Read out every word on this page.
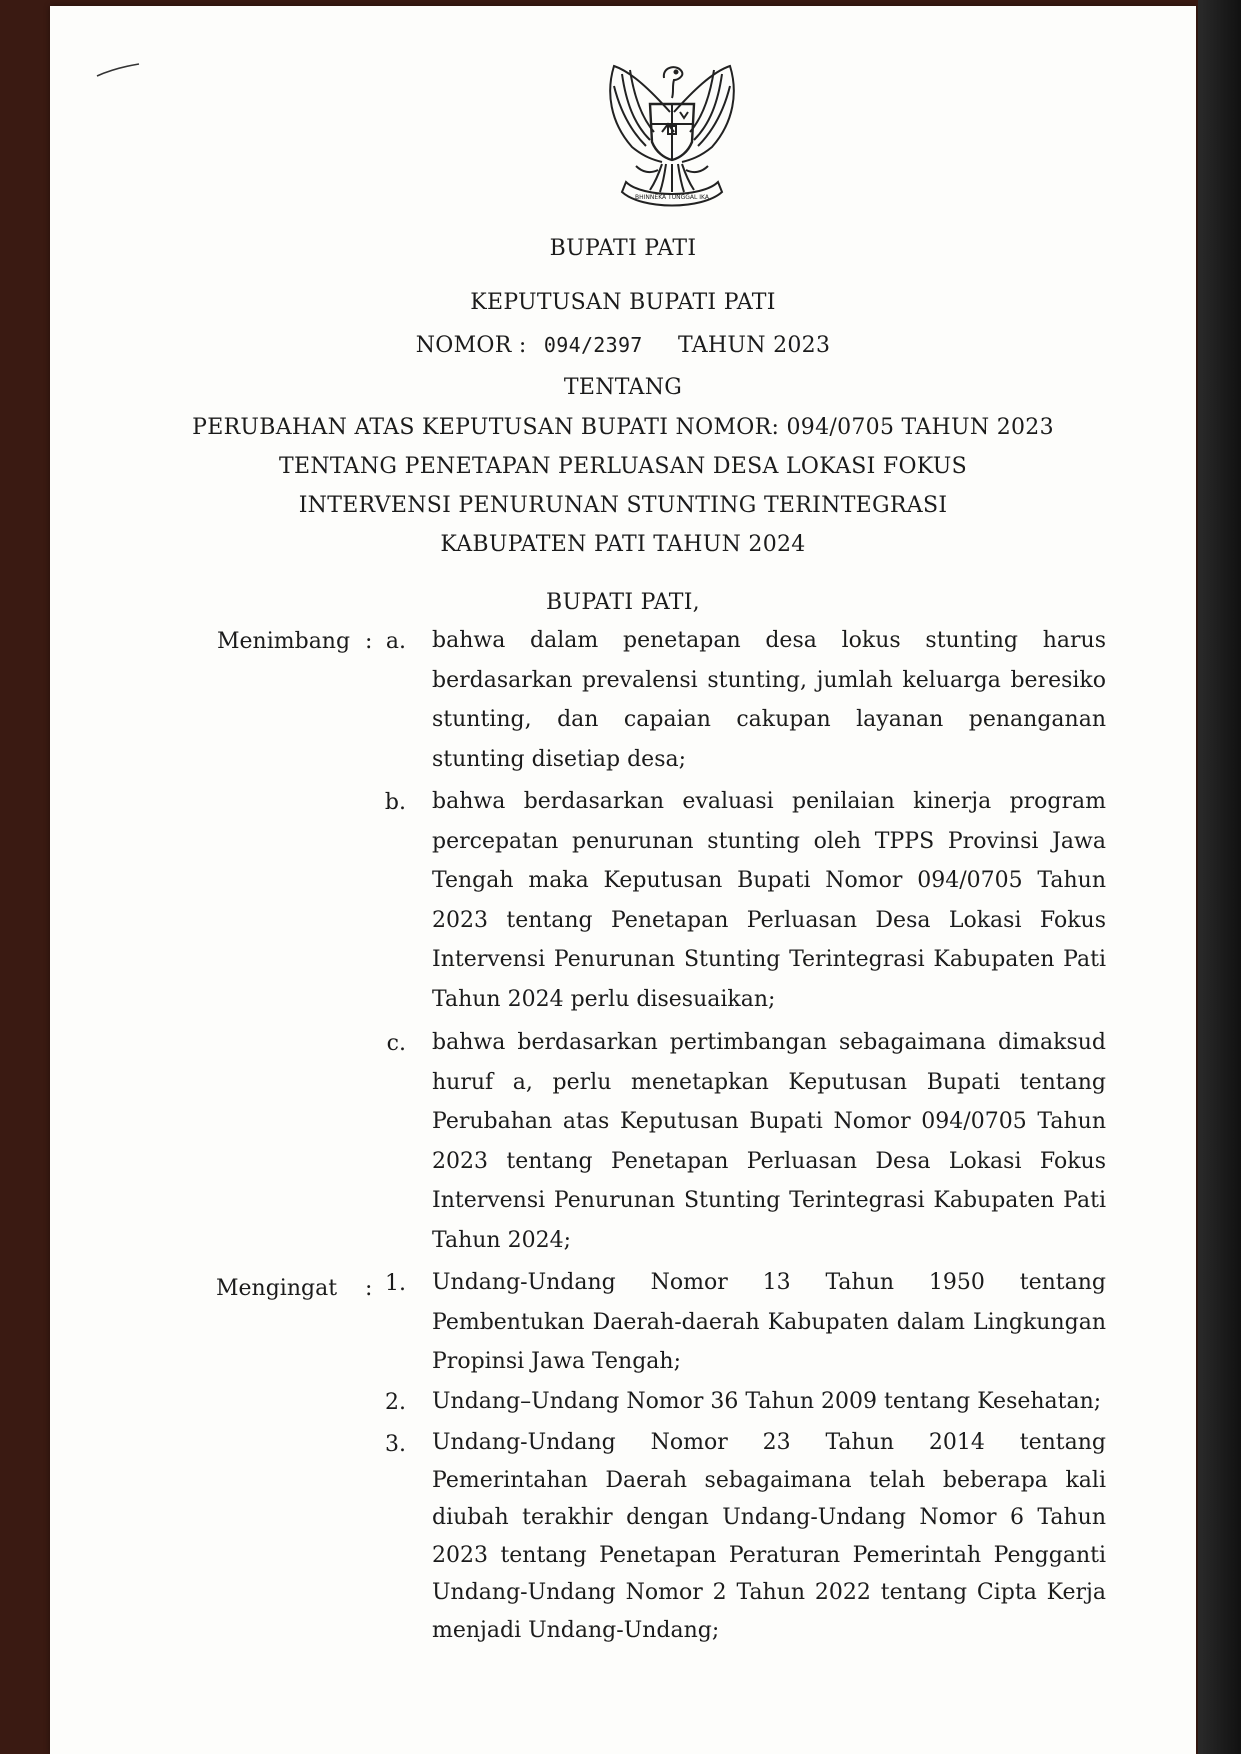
BHINNEKA TUNGGAL IKA
BUPATI PATI
KEPUTUSAN BUPATI PATI
NOMOR : 094/2397 TAHUN 2023
TENTANG
PERUBAHAN ATAS KEPUTUSAN BUPATI NOMOR: 094/0705 TAHUN 2023
TENTANG PENETAPAN PERLUASAN DESA LOKASI FOKUS
INTERVENSI PENURUNAN STUNTING TERINTEGRASI
KABUPATEN PATI TAHUN 2024
BUPATI PATI,
Menimbang : a. bahwa dalam penetapan desa lokus stunting harus
berdasarkan prevalensi stunting, jumlah keluarga beresiko
stunting, dan capaian cakupan layanan penanganan
stunting disetiap desa;
b. bahwa berdasarkan evaluasi penilaian kinerja program
percepatan penurunan stunting oleh TPPS Provinsi Jawa
Tengah maka Keputusan Bupati Nomor 094/0705 Tahun
2023 tentang Penetapan Perluasan Desa Lokasi Fokus
Intervensi Penurunan Stunting Terintegrasi Kabupaten Pati
Tahun 2024 perlu disesuaikan;
c. bahwa berdasarkan pertimbangan sebagaimana dimaksud
huruf a, perlu menetapkan Keputusan Bupati tentang
Perubahan atas Keputusan Bupati Nomor 094/0705 Tahun
2023 tentang Penetapan Perluasan Desa Lokasi Fokus
Intervensi Penurunan Stunting Terintegrasi Kabupaten Pati
Tahun 2024;
Mengingat : 1. Undang-Undang Nomor 13 Tahun 1950 tentang
Pembentukan Daerah-daerah Kabupaten dalam Lingkungan
Propinsi Jawa Tengah;
2. Undang–Undang Nomor 36 Tahun 2009 tentang Kesehatan;
3. Undang-Undang Nomor 23 Tahun 2014 tentang
Pemerintahan Daerah sebagaimana telah beberapa kali
diubah terakhir dengan Undang-Undang Nomor 6 Tahun
2023 tentang Penetapan Peraturan Pemerintah Pengganti
Undang-Undang Nomor 2 Tahun 2022 tentang Cipta Kerja
menjadi Undang-Undang;
